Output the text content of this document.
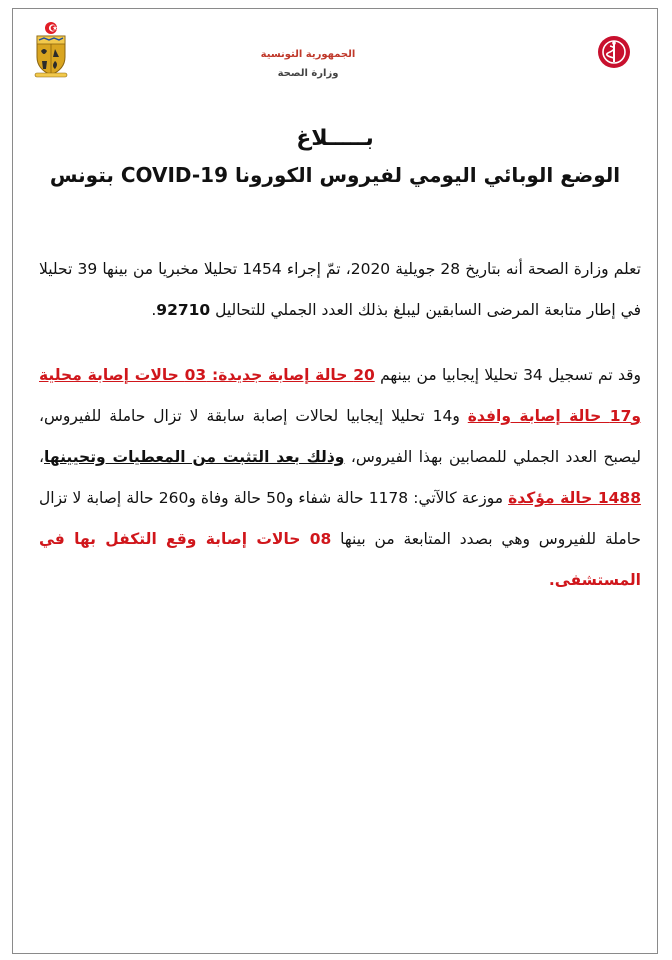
الجمهورية التونسية
وزارة الصحة
بـــــلاغ
الوضع الوبائي اليومي لفيروس الكورونا COVID-19 بتونس

تعلم وزارة الصحة أنه بتاريخ 28 جويلية 2020، تمّ إجراء 1454 تحليلا مخبريا من بينها 39 تحليلا في إطار متابعة المرضى السابقين ليبلغ بذلك العدد الجملي للتحاليل 92710.

وقد تم تسجيل 34 تحليلا إيجابيا من بينهم 20 حالة إصابة جديدة: 03 حالات إصابة محلية و17 حالة إصابة وافدة و14 تحليلا إيجابيا لحالات إصابة سابقة لا تزال حاملة للفيروس، ليصبح العدد الجملي للمصابين بهذا الفيروس، وذلك بعد التثبت من المعطيات وتحيينها، 1488 حالة مؤكدة موزعة كالآتي: 1178 حالة شفاء و50 حالة وفاة و260 حالة إصابة لا تزال حاملة للفيروس وهي بصدد المتابعة من بينها 08 حالات إصابة وقع التكفل بها في المستشفى.
